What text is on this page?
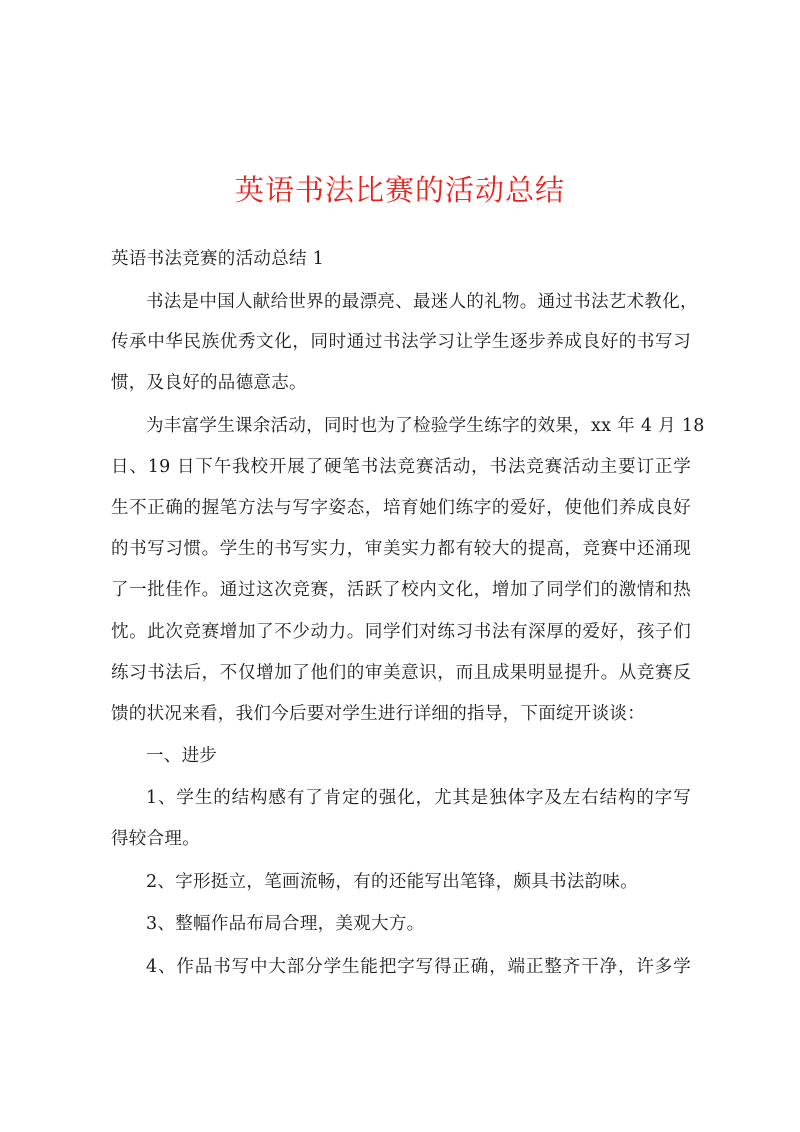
英语书法比赛的活动总结
英语书法竞赛的活动总结 1
书法是中国人献给世界的最漂亮、最迷人的礼物。通过书法艺术教化，
传承中华民族优秀文化，同时通过书法学习让学生逐步养成良好的书写习
惯，及良好的品德意志。
为丰富学生课余活动，同时也为了检验学生练字的效果，xx 年 4 月 18
日、19 日下午我校开展了硬笔书法竞赛活动，书法竞赛活动主要订正学
生不正确的握笔方法与写字姿态，培育她们练字的爱好，使他们养成良好
的书写习惯。学生的书写实力，审美实力都有较大的提高，竞赛中还涌现
了一批佳作。通过这次竞赛，活跃了校内文化，增加了同学们的激情和热
忱。此次竞赛增加了不少动力。同学们对练习书法有深厚的爱好，孩子们
练习书法后，不仅增加了他们的审美意识，而且成果明显提升。从竞赛反
馈的状况来看，我们今后要对学生进行详细的指导，下面绽开谈谈：
一、进步
1、学生的结构感有了肯定的强化，尤其是独体字及左右结构的字写
得较合理。
2、字形挺立，笔画流畅，有的还能写出笔锋，颇具书法韵味。
3、整幅作品布局合理，美观大方。
4、作品书写中大部分学生能把字写得正确，端正整齐干净，许多学
